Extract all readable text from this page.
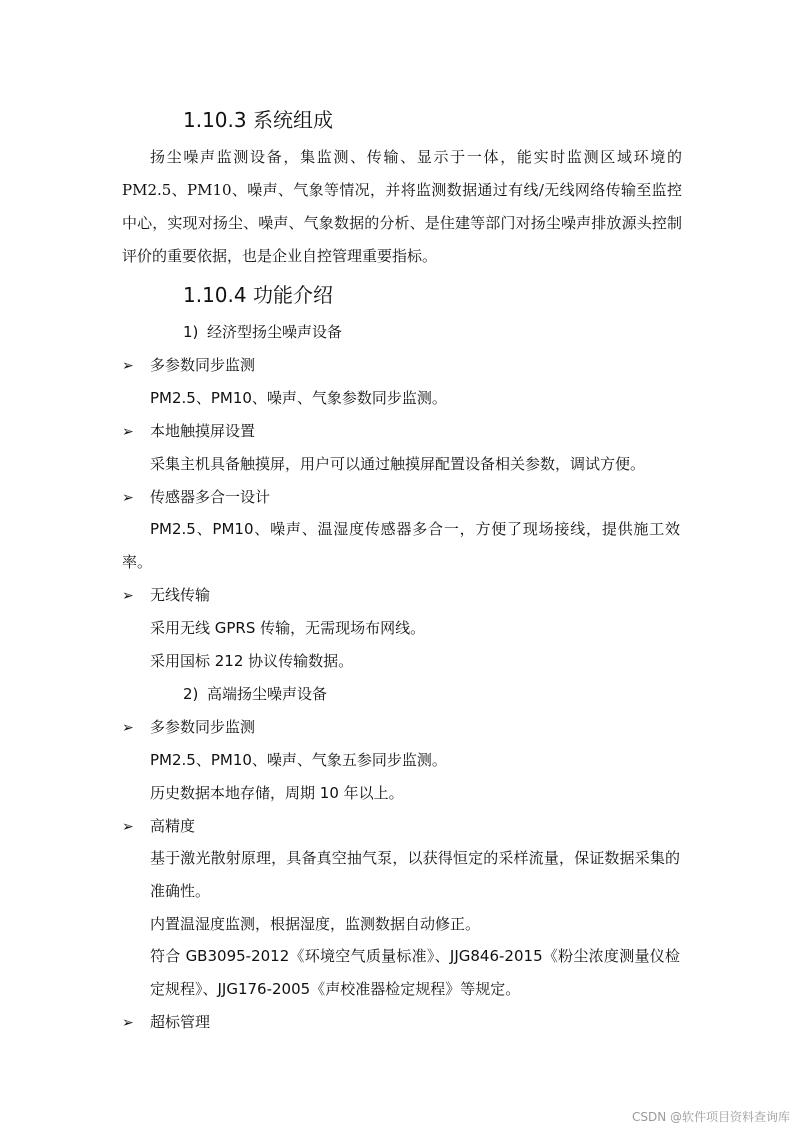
1.10.3 系统组成

扬尘噪声监测设备，集监测、传输、显示于一体，能实时监测区域环境的PM2.5、PM10、噪声、气象等情况，并将监测数据通过有线/无线网络传输至监控中心，实现对扬尘、噪声、气象数据的分析、是住建等部门对扬尘噪声排放源头控制评价的重要依据，也是企业自控管理重要指标。

1.10.4 功能介绍
1) 经济型扬尘噪声设备
➢ 多参数同步监测
PM2.5、PM10、噪声、气象参数同步监测。
➢ 本地触摸屏设置
采集主机具备触摸屏，用户可以通过触摸屏配置设备相关参数，调试方便。
➢ 传感器多合一设计

PM2.5、PM10、噪声、温湿度传感器多合一，方便了现场接线，提供施工效率。

➢ 无线传输
采用无线 GPRS 传输，无需现场布网线。
采用国标 212 协议传输数据。
2) 高端扬尘噪声设备
➢ 多参数同步监测
PM2.5、PM10、噪声、气象五参同步监测。
历史数据本地存储，周期 10 年以上。
➢ 高精度

基于激光散射原理，具备真空抽气泵，以获得恒定的采样流量，保证数据采集的准确性。

内置温湿度监测，根据湿度，监测数据自动修正。

符合 GB3095-2012《环境空气质量标准》、JJG846-2015《粉尘浓度测量仪检定规程》、JJG176-2005《声校准器检定规程》等规定。

➢ 超标管理
CSDN @软件项目资料查询库
